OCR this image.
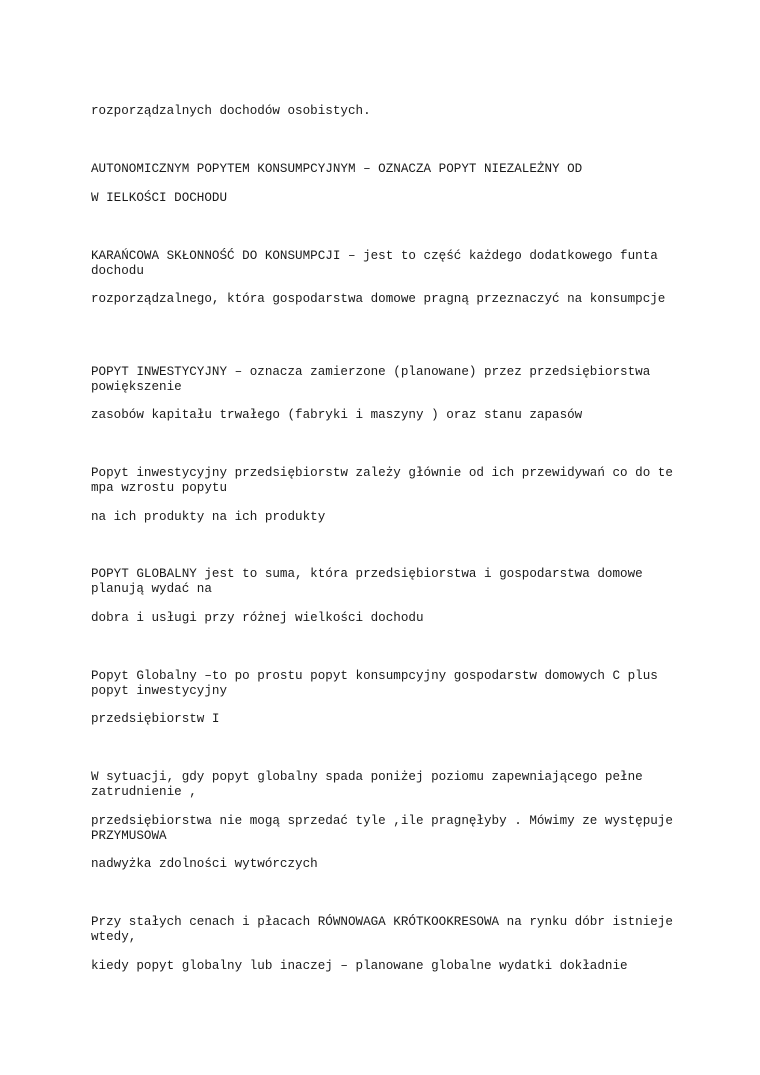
rozporządzalnych dochodów osobistych.

AUTONOMICZNYM POPYTEM KONSUMPCYJNYM – OZNACZA POPYT NIEZALEŻNY OD

W IELKOŚCI DOCHODU

KARAŃCOWA SKŁONNOŚĆ DO KONSUMPCJI – jest to część każdego dodatkowego funta dochodu

rozporządzalnego, która gospodarstwa domowe pragną przeznaczyć na konsumpcje

POPYT INWESTYCYJNY – oznacza zamierzone (planowane) przez przedsiębiorstwa powiększenie

zasobów kapitału trwałego (fabryki i maszyny ) oraz stanu zapasów

Popyt inwestycyjny przedsiębiorstw zależy głównie od ich przewidywań co do te mpa wzrostu popytu

na ich produkty na ich produkty

POPYT GLOBALNY jest to suma, która przedsiębiorstwa i gospodarstwa domowe planują wydać na

dobra i usługi przy różnej wielkości dochodu

Popyt Globalny –to po prostu popyt konsumpcyjny gospodarstw domowych C plus popyt inwestycyjny

przedsiębiorstw I

W sytuacji, gdy popyt globalny spada poniżej poziomu zapewniającego pełne zatrudnienie ,

przedsiębiorstwa nie mogą sprzedać tyle ,ile pragnęłyby . Mówimy ze występuje PRZYMUSOWA

nadwyżka zdolności wytwórczych

Przy stałych cenach i płacach RÓWNOWAGA KRÓTKOOKRESOWA na rynku dóbr istnieje wtedy,

kiedy popyt globalny lub inaczej – planowane globalne wydatki dokładnie
